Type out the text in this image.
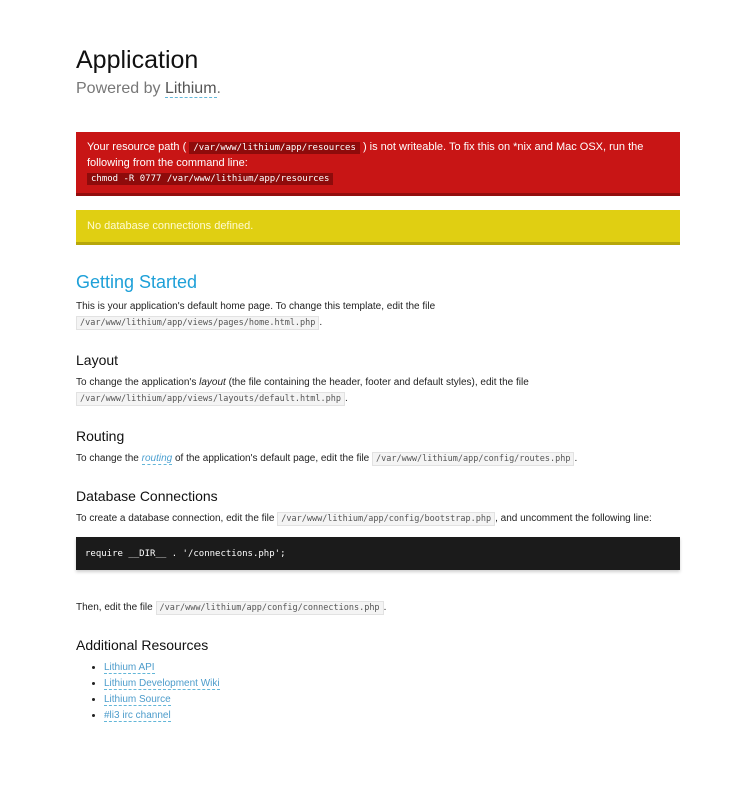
Application
Powered by Lithium.
Your resource path ( /var/www/lithium/app/resources ) is not writeable. To fix this on *nix and Mac OSX, run the following from the command line:
chmod -R 0777 /var/www/lithium/app/resources
No database connections defined.
Getting Started

This is your application's default home page. To change this template, edit the file /var/www/lithium/app/views/pages/home.html.php .

Layout

To change the application's layout (the file containing the header, footer and default styles), edit the file /var/www/lithium/app/views/layouts/default.html.php .

Routing

To change the routing of the application's default page, edit the file /var/www/lithium/app/config/routes.php .

Database Connections

To create a database connection, edit the file /var/www/lithium/app/config/bootstrap.php , and uncomment the following line:

require __DIR__ . '/connections.php';

Then, edit the file /var/www/lithium/app/config/connections.php .

Additional Resources
• Lithium API
• Lithium Development Wiki
• Lithium Source
• #li3 irc channel
